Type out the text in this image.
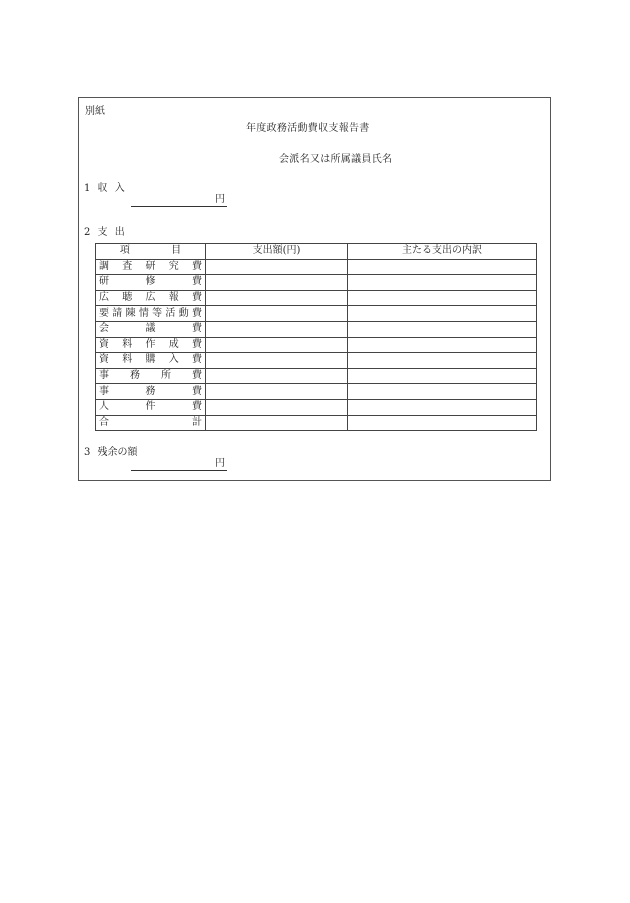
別紙
年度政務活動費収支報告書
会派名又は所属議員氏名
1 収 入
円
2 支 出
項 目	支出額(円)	主たる支出の内訳
調査研究費		
研修費		
広聴広報費		
要請陳情等活動費		
会議費		
資料作成費		
資料購入費		
事務所費		
事務費		
人件費		
合計		
3 残余の額
円
